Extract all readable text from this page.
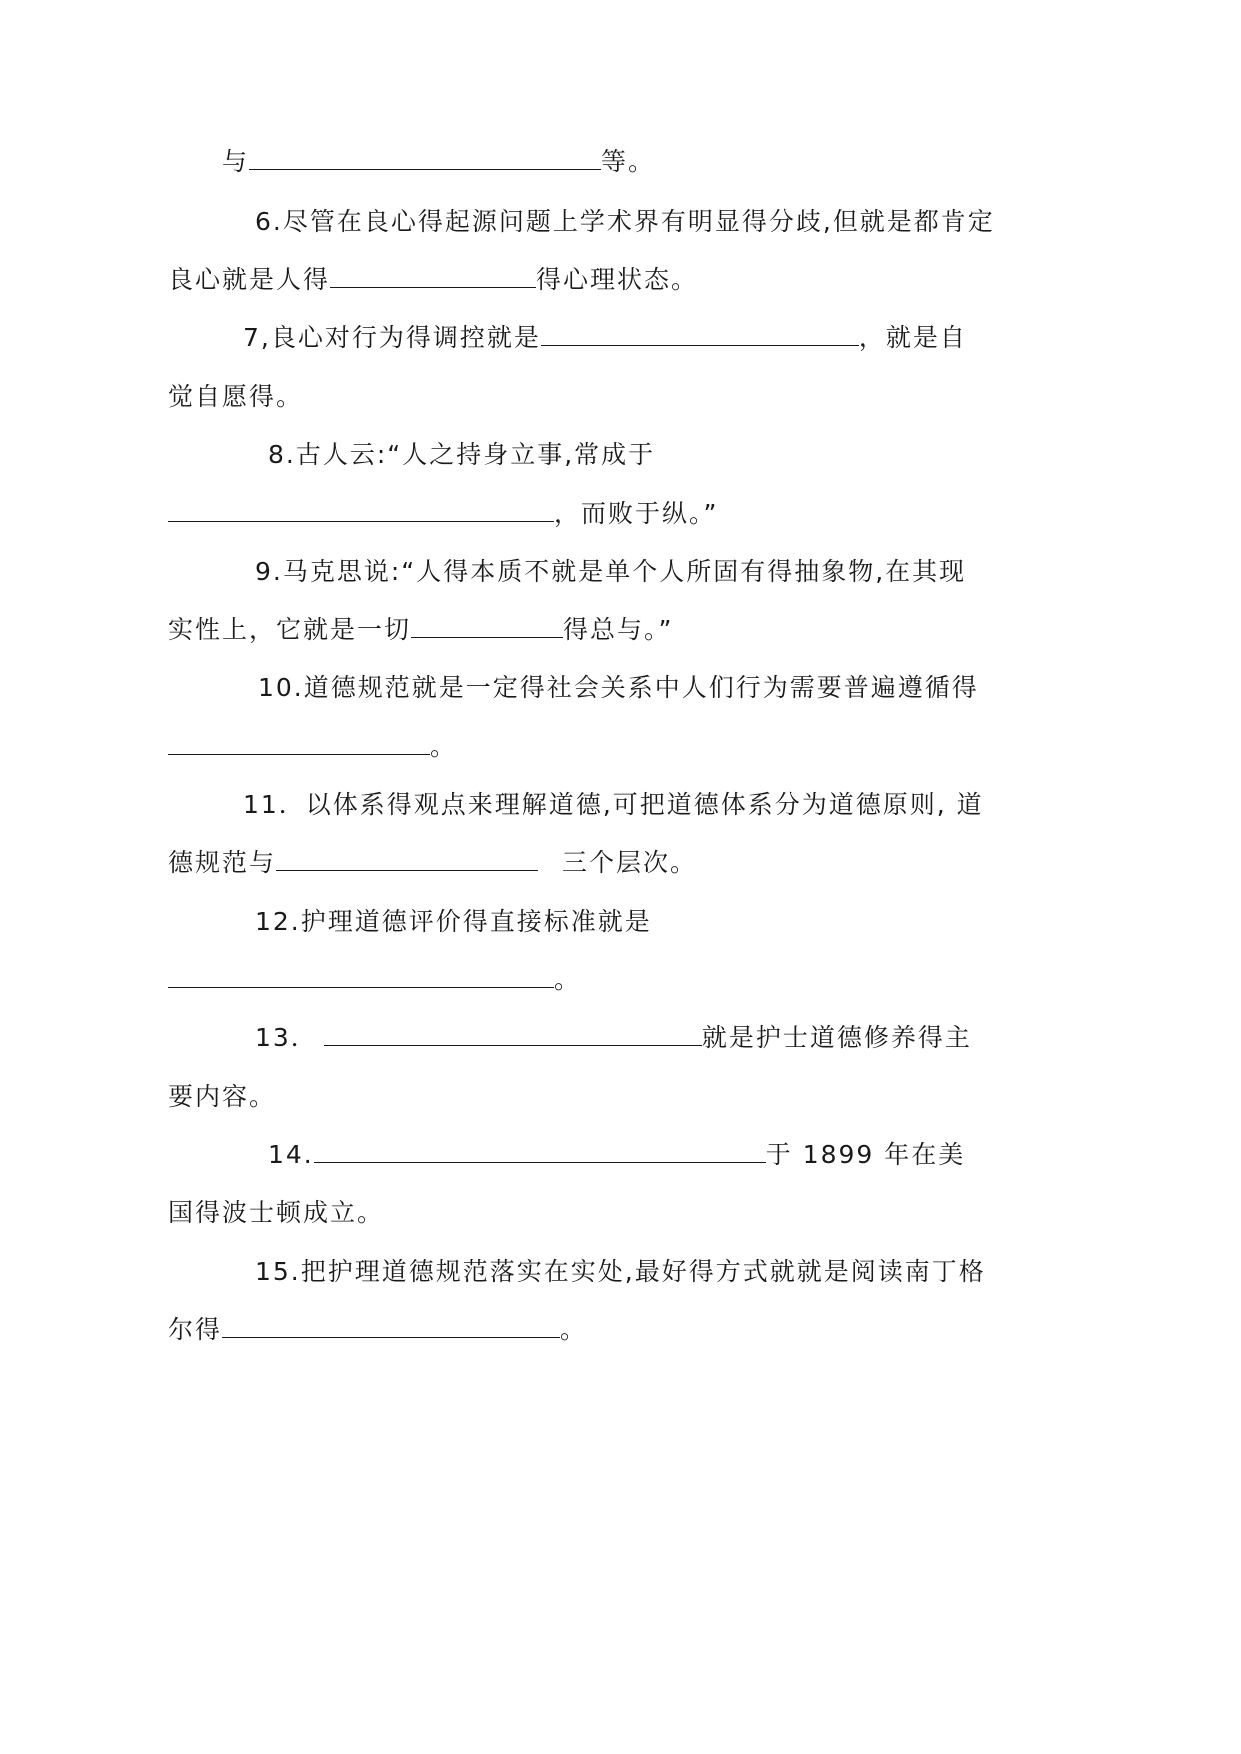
与	等。
6.尽管在良心得起源问题上学术界有明显得分歧,但就是都肯定
良心就是人得	得心理状态。
7,良心对行为得调控就是	，就是自
觉自愿得。
8.古人云:“人之持身立事,常成于
，而败于纵。”
9.马克思说:“人得本质不就是单个人所固有得抽象物,在其现
实性上，它就是一切	得总与。”
10.道德规范就是一定得社会关系中人们行为需要普遍遵循得
。
11．以体系得观点来理解道德,可把道德体系分为道德原则, 道
德规范与	三个层次。
12.护理道德评价得直接标准就是
。
13．	就是护士道德修养得主
要内容。
14.	于 1899 年在美
国得波士顿成立。
15.把护理道德规范落实在实处,最好得方式就就是阅读南丁格
尔得	。
